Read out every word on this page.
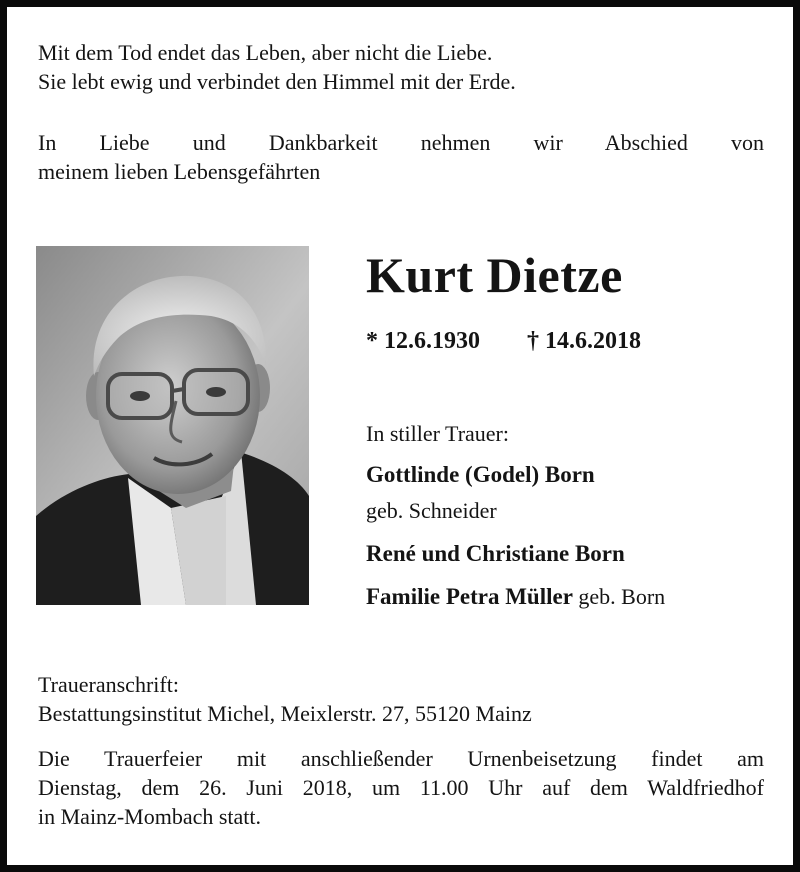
Mit dem Tod endet das Leben, aber nicht die Liebe.
Sie lebt ewig und verbindet den Himmel mit der Erde.
In Liebe und Dankbarkeit nehmen wir Abschied von
meinem lieben Lebensgefährten
Kurt Dietze
* 12.6.1930 † 14.6.2018
In stiller Trauer:
Gottlinde (Godel) Born
geb. Schneider
René und Christiane Born
Familie Petra Müller geb. Born
Traueranschrift:
Bestattungsinstitut Michel, Meixlerstr. 27, 55120 Mainz
Die Trauerfeier mit anschließender Urnenbeisetzung findet am
Dienstag, dem 26. Juni 2018, um 11.00 Uhr auf dem Waldfriedhof
in Mainz-Mombach statt.
